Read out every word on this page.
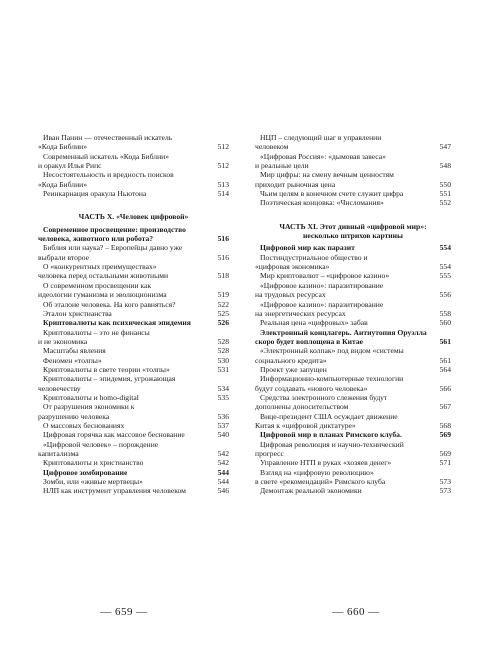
Иван Панин — отечественный искатель
«Кода Библии»	512
Современный искатель «Кода Библии»
и оракул Илья Рипс	512
Несостоятельность и вредность поисков
«Кода Библии»	513
Реинкарнация оракула Ньютона	514
ЧАСТЬ X. «Человек цифровой»
Современное просвещение: производство
человека, животного или робота?	516
Библия или наука? – Европейцы давно уже
выбрали второе	516
О «конкурентных преимуществах»
человека перед остальными животными	518
О современном просвещении как
идеологии гуманизма и эволюционизма	519
Об эталоне человека. На кого равняться?	522
Эталон христианства	525
Криптовалюты как психическая эпидемия	526
Криптовалюты – это не финансы
и не экономика	528
Масштабы явления	528
Феномен «толпы»	530
Криптовалюты в свете теории «толпы»	531
Криптовалюты – эпидемия, угрожающая
человечеству	534
Криптовалюты и homo-digital	535
От разрушения экономики к
разрушению человека	536
О массовых беснованиях	537
Цифровая горячка как массовое беснование	540
«Цифровой человек» – порождение
капитализма	542
Криптовалюты и христианство	542
Цифровое зомбирование	544
Зомби, или «живые мертвецы»	544
НЛП как инструмент управления человеком	546
— 659 —
НЦП – следующий шаг в управлении
человеком	547
«Цифровая Россия»: «дымовая завеса»
и реальные цели	548
Мир цифры: на смену вечным ценностям
приходит рыночная цена	550
Чьим целям в конечном счете служит цифра	551
Поэтическая концовка: «Числомания»	552
ЧАСТЬ XI. Этот дивный «цифровой мир»: несколько штрихов картины
Цифровой мир как паразит	554
Постиндустриальное общество и
«цифровая экономика»	554
Мир криптовалют – «цифровое казино»	555
«Цифровое казино»: паразитирование
на трудовых ресурсах	556
«Цифровое казино»: паразитирование
на энергетических ресурсах	558
Реальная цена «цифровых» забав	560
Электронный концлагерь. Антиутопия Оруэлла
скоро будет воплощена в Китае	561
«Электронный колпак» под видом «системы
социального кредита»	561
Проект уже запущен	564
Информационно-компьютерные технологии
будут создавать «нового человека»	566
Средства электронного слежения будут
дополнены доносительством	567
Вице-президент США осуждает движение
Китая к «цифровой диктатуре»	568
Цифровой мир в планах Римского клуба.	569
Цифровая революция и научно-технический
прогресс	569
Управление НТП в руках «хозяев денег»	571
Взгляд на «цифровую революцию»
в свете «рекомендаций» Римского клуба	573
Демонтаж реальной экономики	573
— 660 —
